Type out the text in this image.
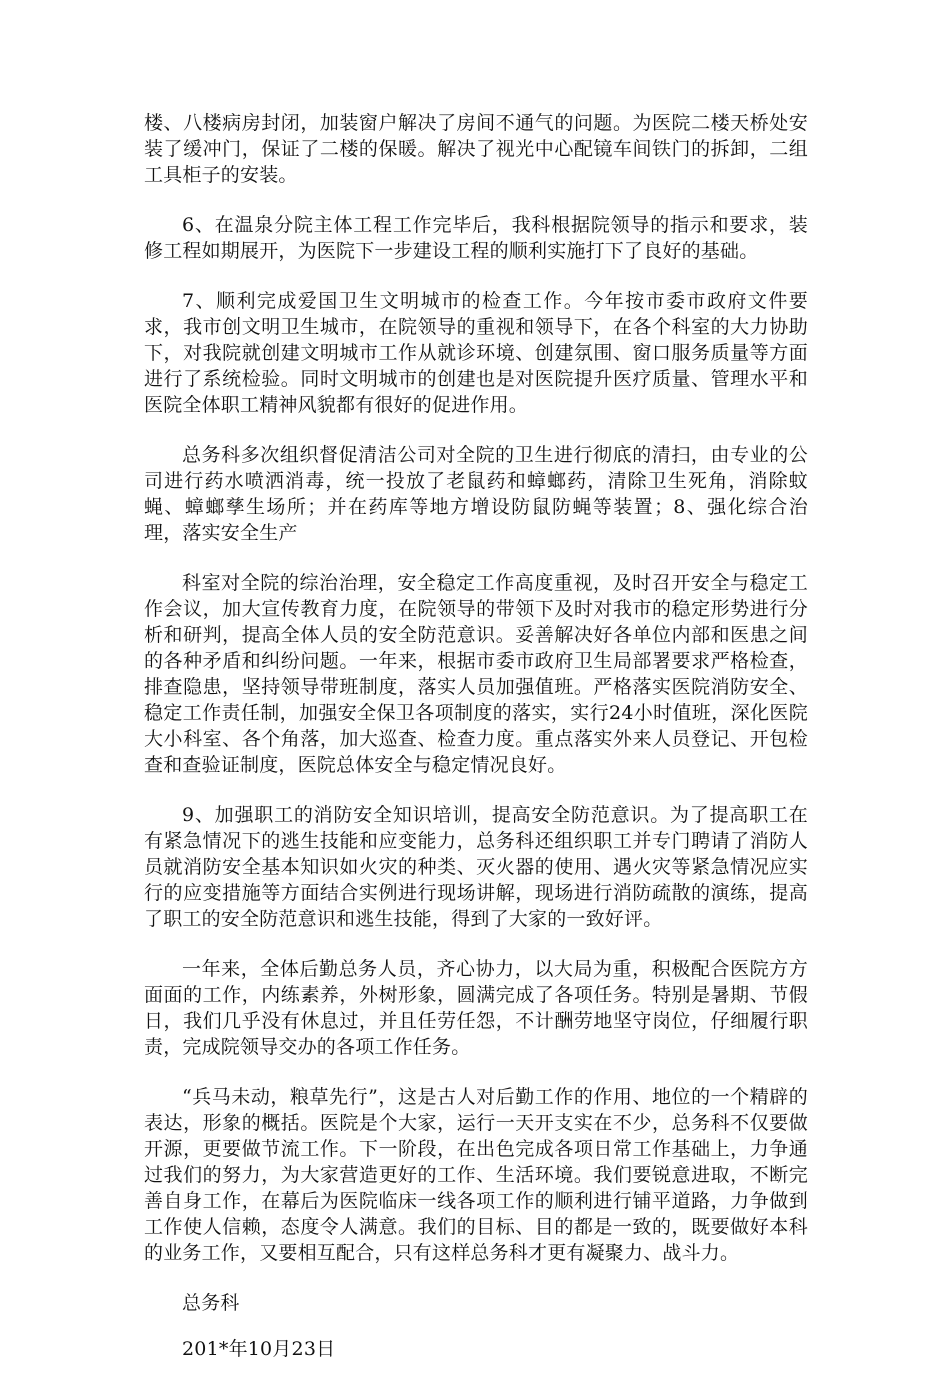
楼、八楼病房封闭，加装窗户解决了房间不通气的问题。为医院二楼天桥处安装了缓冲门，保证了二楼的保暖。解决了视光中心配镜车间铁门的拆卸，二组工具柜子的安装。

6、在温泉分院主体工程工作完毕后，我科根据院领导的指示和要求，装修工程如期展开，为医院下一步建设工程的顺利实施打下了良好的基础。

7、顺利完成爱国卫生文明城市的检查工作。今年按市委市政府文件要求，我市创文明卫生城市，在院领导的重视和领导下，在各个科室的大力协助下，对我院就创建文明城市工作从就诊环境、创建氛围、窗口服务质量等方面进行了系统检验。同时文明城市的创建也是对医院提升医疗质量、管理水平和医院全体职工精神风貌都有很好的促进作用。

总务科多次组织督促清洁公司对全院的卫生进行彻底的清扫，由专业的公司进行药水喷洒消毒，统一投放了老鼠药和蟑螂药，清除卫生死角，消除蚊蝇、蟑螂孳生场所；并在药库等地方增设防鼠防蝇等装置；8、强化综合治理，落实安全生产

科室对全院的综治治理，安全稳定工作高度重视，及时召开安全与稳定工作会议，加大宣传教育力度，在院领导的带领下及时对我市的稳定形势进行分析和研判，提高全体人员的安全防范意识。妥善解决好各单位内部和医患之间的各种矛盾和纠纷问题。一年来，根据市委市政府卫生局部署要求严格检查，排查隐患，坚持领导带班制度，落实人员加强值班。严格落实医院消防安全、稳定工作责任制，加强安全保卫各项制度的落实，实行24小时值班，深化医院大小科室、各个角落，加大巡查、检查力度。重点落实外来人员登记、开包检查和查验证制度，医院总体安全与稳定情况良好。

9、加强职工的消防安全知识培训，提高安全防范意识。为了提高职工在有紧急情况下的逃生技能和应变能力，总务科还组织职工并专门聘请了消防人员就消防安全基本知识如火灾的种类、灭火器的使用、遇火灾等紧急情况应实行的应变措施等方面结合实例进行现场讲解，现场进行消防疏散的演练，提高了职工的安全防范意识和逃生技能，得到了大家的一致好评。

一年来，全体后勤总务人员，齐心协力，以大局为重，积极配合医院方方面面的工作，内练素养，外树形象，圆满完成了各项任务。特别是暑期、节假日，我们几乎没有休息过，并且任劳任怨，不计酬劳地坚守岗位，仔细履行职责，完成院领导交办的各项工作任务。

“兵马未动，粮草先行”，这是古人对后勤工作的作用、地位的一个精辟的表达，形象的概括。医院是个大家，运行一天开支实在不少，总务科不仅要做开源，更要做节流工作。下一阶段，在出色完成各项日常工作基础上，力争通过我们的努力，为大家营造更好的工作、生活环境。我们要锐意进取，不断完善自身工作，在幕后为医院临床一线各项工作的顺利进行铺平道路，力争做到工作使人信赖，态度令人满意。我们的目标、目的都是一致的，既要做好本科的业务工作，又要相互配合，只有这样总务科才更有凝聚力、战斗力。

总务科

201*年10月23日
